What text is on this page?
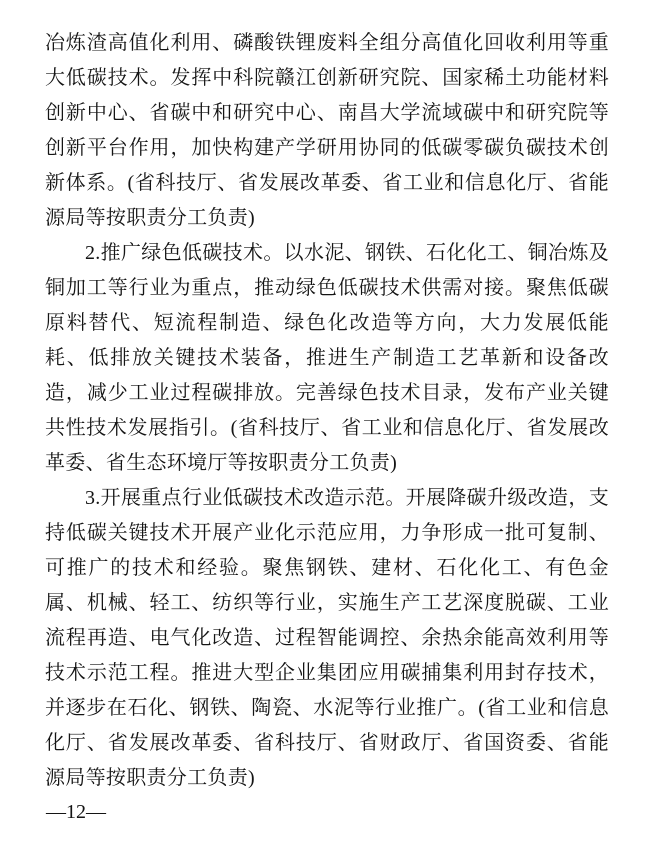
冶炼渣高值化利用、磷酸铁锂废料全组分高值化回收利用等重大低碳技术。发挥中科院赣江创新研究院、国家稀土功能材料创新中心、省碳中和研究中心、南昌大学流域碳中和研究院等创新平台作用，加快构建产学研用协同的低碳零碳负碳技术创新体系。(省科技厅、省发展改革委、省工业和信息化厅、省能源局等按职责分工负责)

2.推广绿色低碳技术。以水泥、钢铁、石化化工、铜冶炼及铜加工等行业为重点，推动绿色低碳技术供需对接。聚焦低碳原料替代、短流程制造、绿色化改造等方向，大力发展低能耗、低排放关键技术装备，推进生产制造工艺革新和设备改造，减少工业过程碳排放。完善绿色技术目录，发布产业关键共性技术发展指引。(省科技厅、省工业和信息化厅、省发展改革委、省生态环境厅等按职责分工负责)

3.开展重点行业低碳技术改造示范。开展降碳升级改造，支持低碳关键技术开展产业化示范应用，力争形成一批可复制、可推广的技术和经验。聚焦钢铁、建材、石化化工、有色金属、机械、轻工、纺织等行业，实施生产工艺深度脱碳、工业流程再造、电气化改造、过程智能调控、余热余能高效利用等技术示范工程。推进大型企业集团应用碳捕集利用封存技术，并逐步在石化、钢铁、陶瓷、水泥等行业推广。(省工业和信息化厅、省发展改革委、省科技厅、省财政厅、省国资委、省能源局等按职责分工负责)

—12—
